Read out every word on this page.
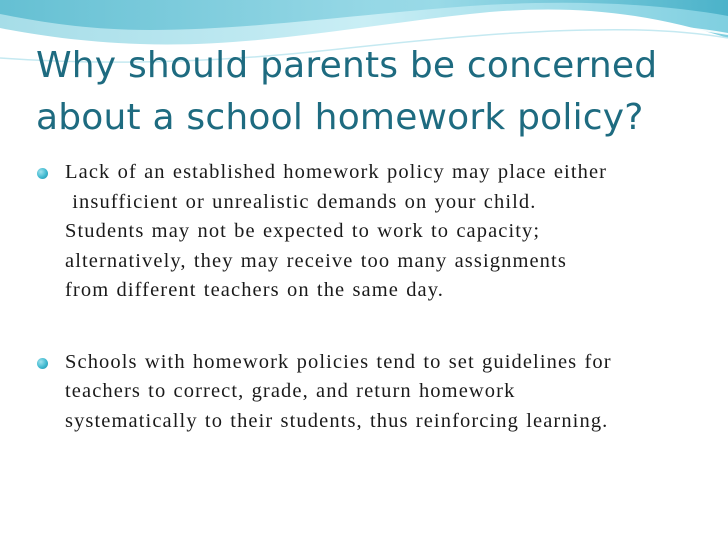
Why should parents be concerned
about a school homework policy?
Lack of an established homework policy may place either
insufficient or unrealistic demands on your child.
Students may not be expected to work to capacity;
alternatively, they may receive too many assignments
from different teachers on the same day.
Schools with homework policies tend to set guidelines for
teachers to correct, grade, and return homework
systematically to their students, thus reinforcing learning.
